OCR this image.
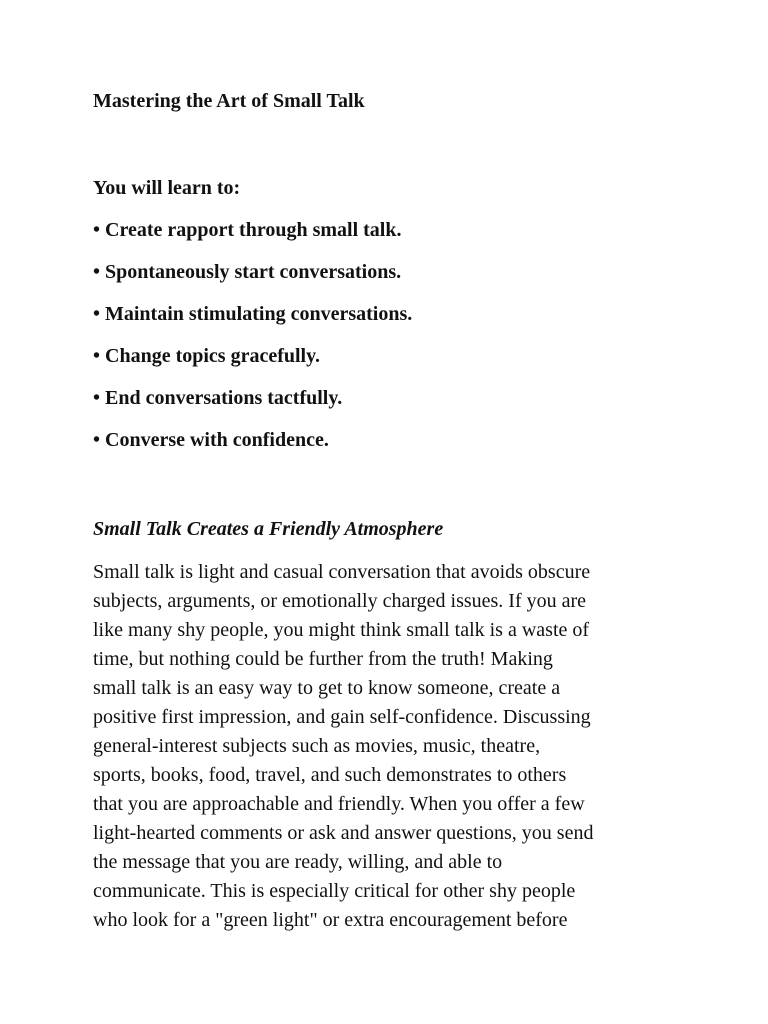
Mastering the Art of Small Talk
You will learn to:
• Create rapport through small talk.
• Spontaneously start conversations.
• Maintain stimulating conversations.
• Change topics gracefully.
• End conversations tactfully.
• Converse with confidence.
Small Talk Creates a Friendly Atmosphere

Small talk is light and casual conversation that avoids obscure
subjects, arguments, or emotionally charged issues. If you are
like many shy people, you might think small talk is a waste of
time, but nothing could be further from the truth! Making
small talk is an easy way to get to know someone, create a
positive first impression, and gain self-confidence. Discussing
general-interest subjects such as movies, music, theatre,
sports, books, food, travel, and such demonstrates to others
that you are approachable and friendly. When you offer a few
light-hearted comments or ask and answer questions, you send
the message that you are ready, willing, and able to
communicate. This is especially critical for other shy people
who look for a "green light" or extra encouragement before
